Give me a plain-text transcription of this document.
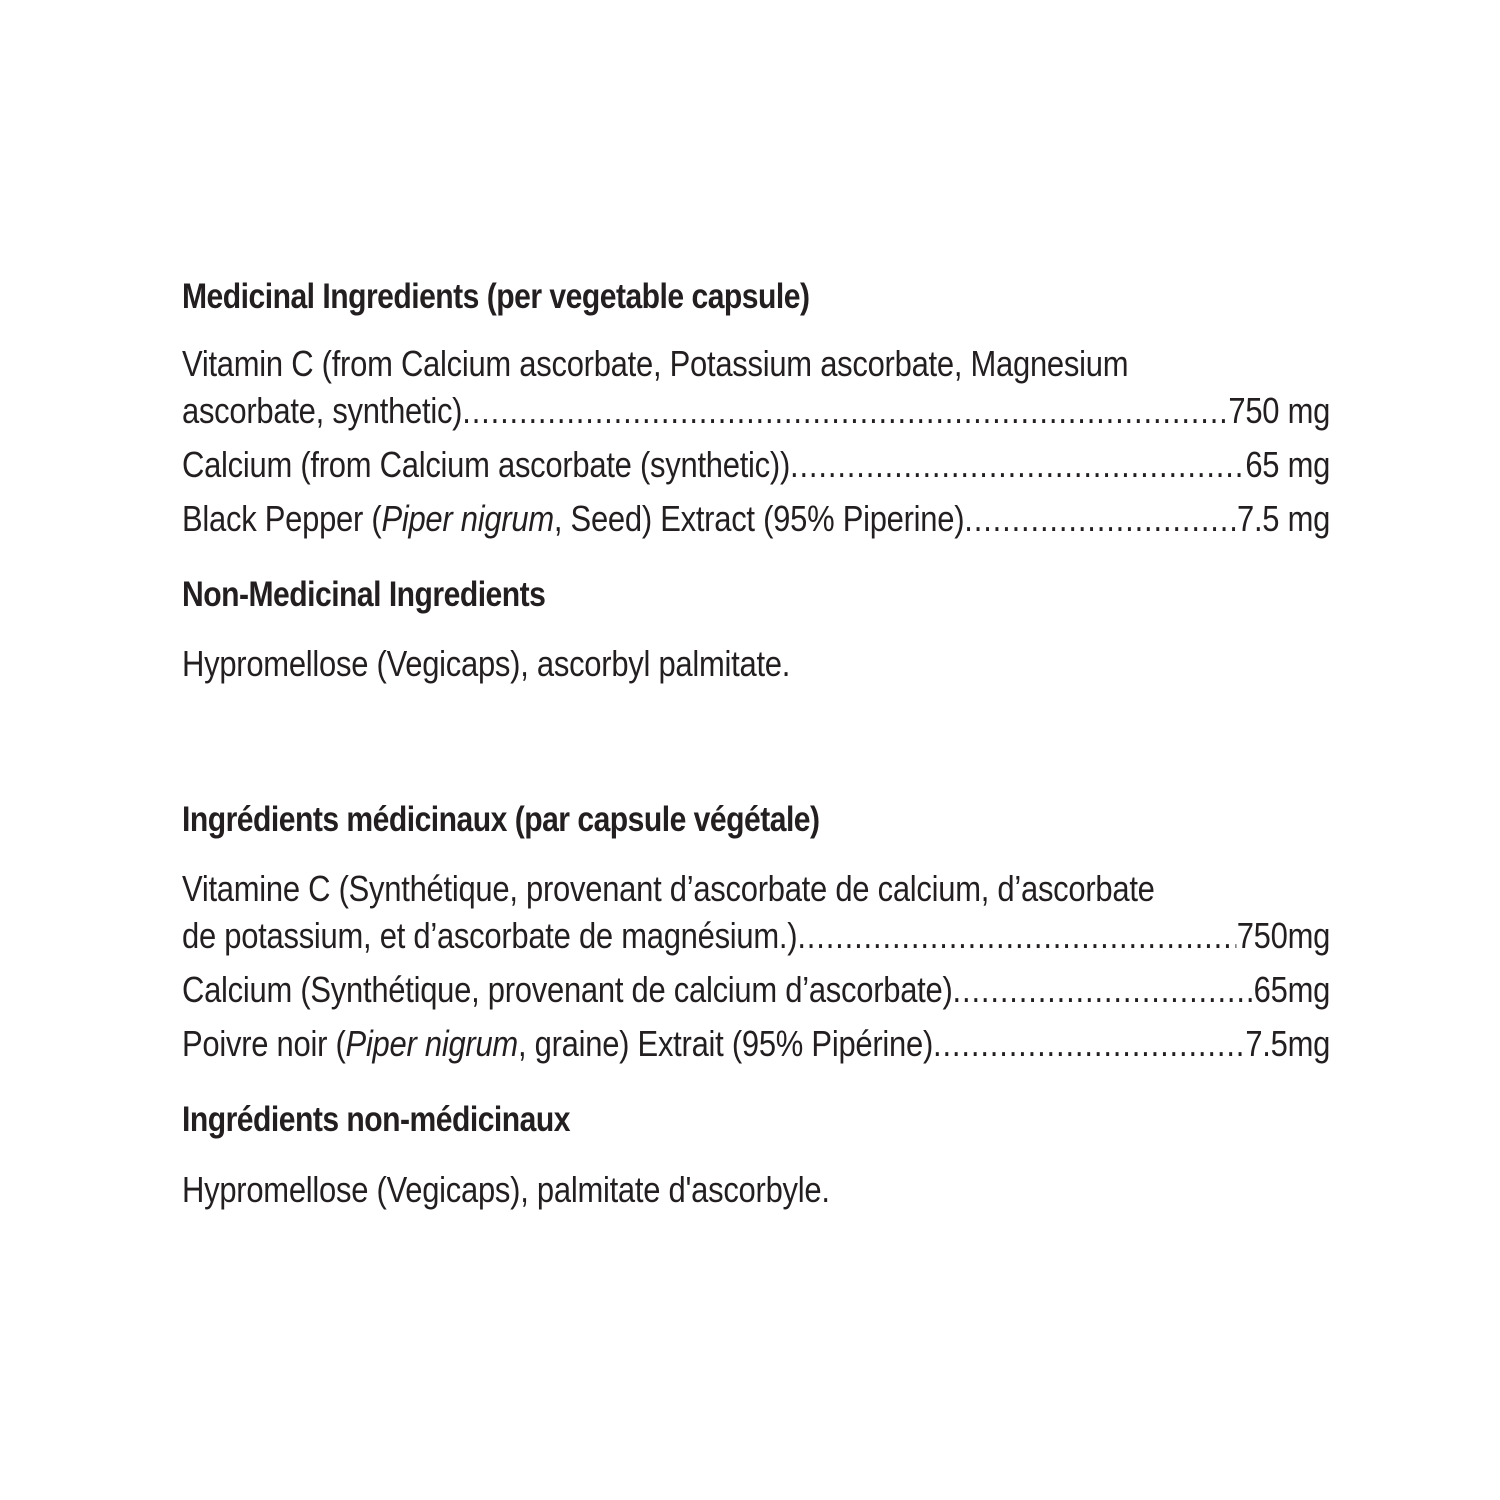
Medicinal Ingredients (per vegetable capsule)
Vitamin C (from Calcium ascorbate, Potassium ascorbate, Magnesium
ascorbate, synthetic) .....	750 mg
Calcium (from Calcium ascorbate (synthetic)) .....	65 mg
Black Pepper (Piper nigrum, Seed) Extract (95% Piperine) .....	7.5 mg
Non-Medicinal Ingredients
Hypromellose (Vegicaps), ascorbyl palmitate.
Ingrédients médicinaux (par capsule végétale)
Vitamine C (Synthétique, provenant d’ascorbate de calcium, d’ascorbate
de potassium, et d’ascorbate de magnésium.) .....	750mg
Calcium (Synthétique, provenant de calcium d’ascorbate) .....	65mg
Poivre noir (Piper nigrum, graine) Extrait (95% Pipérine) .....	7.5mg
Ingrédients non-médicinaux
Hypromellose (Vegicaps), palmitate d'ascorbyle.
